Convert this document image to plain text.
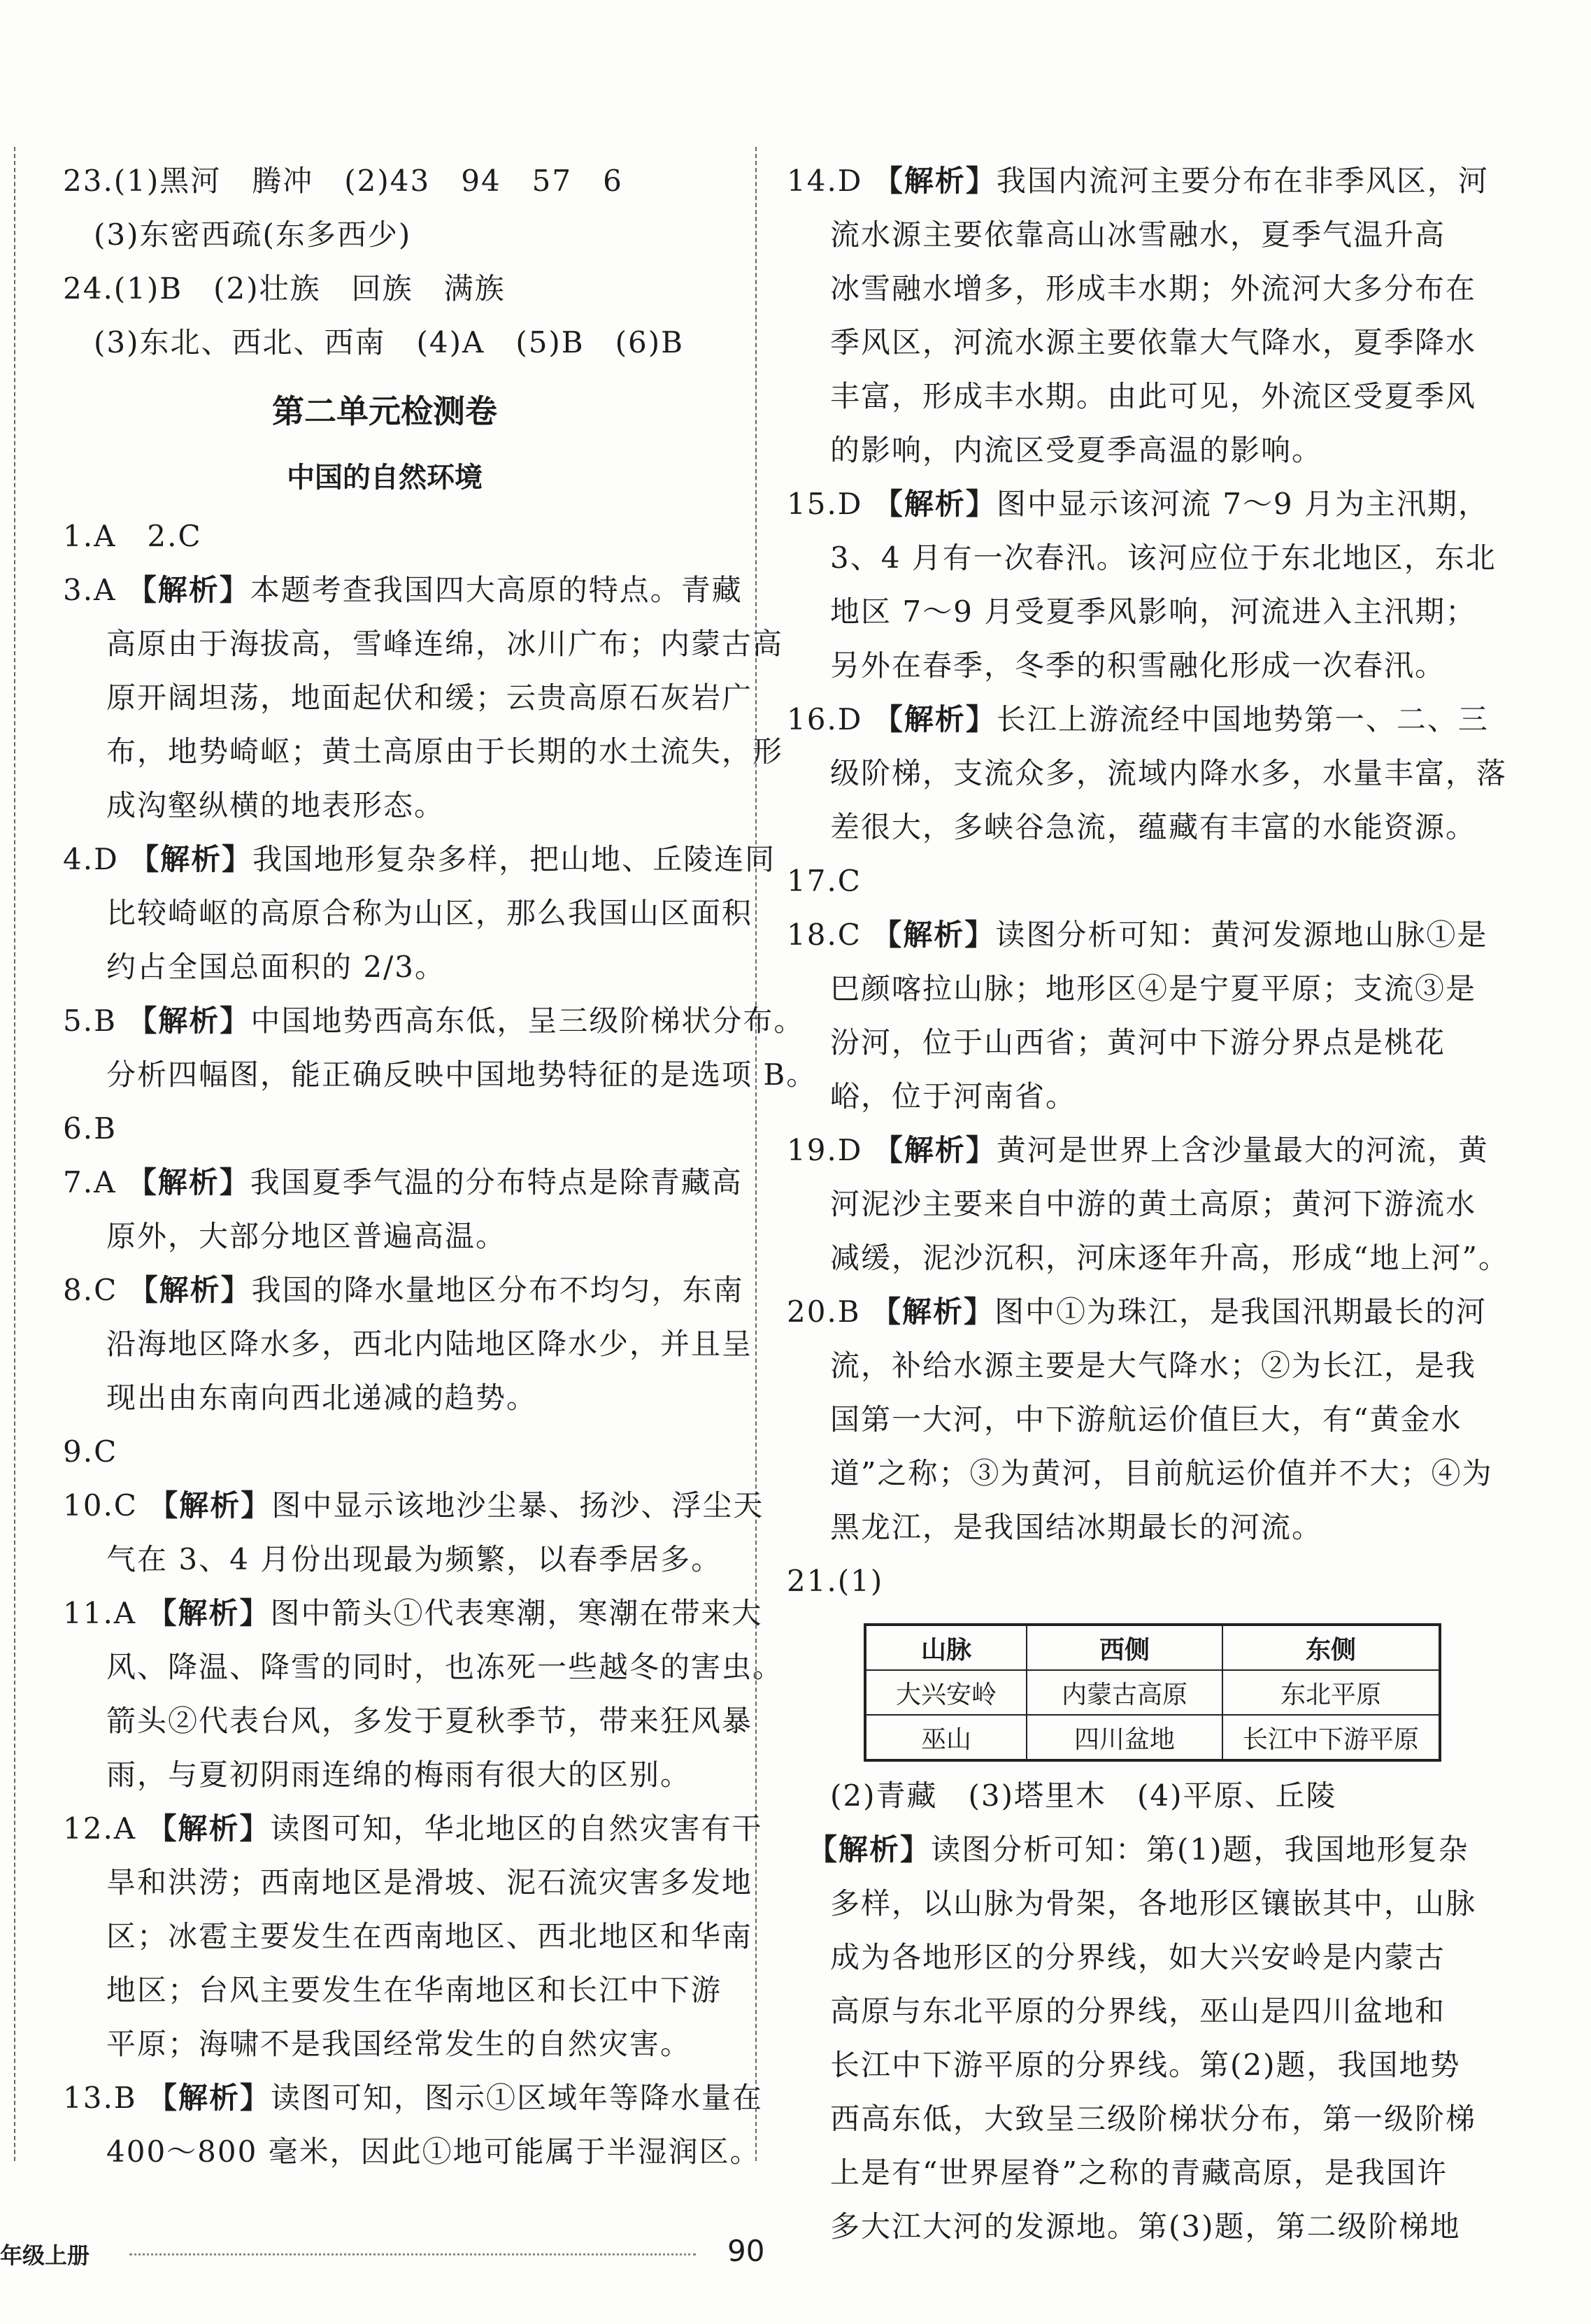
23.(1)黑河　腾冲　(2)43　94　57　6
　(3)东密西疏(东多西少)
24.(1)B　(2)壮族　回族　满族
　(3)东北、西北、西南　(4)A　(5)B　(6)B
第二单元检测卷
中国的自然环境
1.A　2.C
3.A 【解析】本题考查我国四大高原的特点。青藏
高原由于海拔高，雪峰连绵，冰川广布；内蒙古高
原开阔坦荡，地面起伏和缓；云贵高原石灰岩广
布，地势崎岖；黄土高原由于长期的水土流失，形
成沟壑纵横的地表形态。
4.D 【解析】我国地形复杂多样，把山地、丘陵连同
比较崎岖的高原合称为山区，那么我国山区面积
约占全国总面积的 2/3。
5.B 【解析】中国地势西高东低，呈三级阶梯状分布。
分析四幅图，能正确反映中国地势特征的是选项 B。
6.B
7.A 【解析】我国夏季气温的分布特点是除青藏高
原外，大部分地区普遍高温。
8.C 【解析】我国的降水量地区分布不均匀，东南
沿海地区降水多，西北内陆地区降水少，并且呈
现出由东南向西北递减的趋势。
9.C
10.C 【解析】图中显示该地沙尘暴、扬沙、浮尘天
气在 3、4 月份出现最为频繁，以春季居多。
11.A 【解析】图中箭头①代表寒潮，寒潮在带来大
风、降温、降雪的同时，也冻死一些越冬的害虫。
箭头②代表台风，多发于夏秋季节，带来狂风暴
雨，与夏初阴雨连绵的梅雨有很大的区别。
12.A 【解析】读图可知，华北地区的自然灾害有干
旱和洪涝；西南地区是滑坡、泥石流灾害多发地
区；冰雹主要发生在西南地区、西北地区和华南
地区；台风主要发生在华南地区和长江中下游
平原；海啸不是我国经常发生的自然灾害。
13.B 【解析】读图可知，图示①区域年等降水量在
400～800 毫米，因此①地可能属于半湿润区。
14.D 【解析】我国内流河主要分布在非季风区，河
流水源主要依靠高山冰雪融水，夏季气温升高
冰雪融水增多，形成丰水期；外流河大多分布在
季风区，河流水源主要依靠大气降水，夏季降水
丰富，形成丰水期。由此可见，外流区受夏季风
的影响，内流区受夏季高温的影响。
15.D 【解析】图中显示该河流 7～9 月为主汛期，
3、4 月有一次春汛。该河应位于东北地区，东北
地区 7～9 月受夏季风影响，河流进入主汛期；
另外在春季，冬季的积雪融化形成一次春汛。
16.D 【解析】长江上游流经中国地势第一、二、三
级阶梯，支流众多，流域内降水多，水量丰富，落
差很大，多峡谷急流，蕴藏有丰富的水能资源。
17.C
18.C 【解析】读图分析可知：黄河发源地山脉①是
巴颜喀拉山脉；地形区④是宁夏平原；支流③是
汾河，位于山西省；黄河中下游分界点是桃花
峪，位于河南省。
19.D 【解析】黄河是世界上含沙量最大的河流，黄
河泥沙主要来自中游的黄土高原；黄河下游流水
减缓，泥沙沉积，河床逐年升高，形成“地上河”。
20.B 【解析】图中①为珠江，是我国汛期最长的河
流，补给水源主要是大气降水；②为长江，是我
国第一大河，中下游航运价值巨大，有“黄金水
道”之称；③为黄河，目前航运价值并不大；④为
黑龙江，是我国结冰期最长的河流。
21.(1)
山脉	西侧	东侧
大兴安岭	内蒙古高原	东北平原
巫山	四川盆地	长江中下游平原
(2)青藏　(3)塔里木　(4)平原、丘陵
【解析】读图分析可知：第(1)题，我国地形复杂
多样，以山脉为骨架，各地形区镶嵌其中，山脉
成为各地形区的分界线，如大兴安岭是内蒙古
高原与东北平原的分界线，巫山是四川盆地和
长江中下游平原的分界线。第(2)题，我国地势
西高东低，大致呈三级阶梯状分布，第一级阶梯
上是有“世界屋脊”之称的青藏高原，是我国许
多大江大河的发源地。第(3)题，第二级阶梯地
年级上册	90
